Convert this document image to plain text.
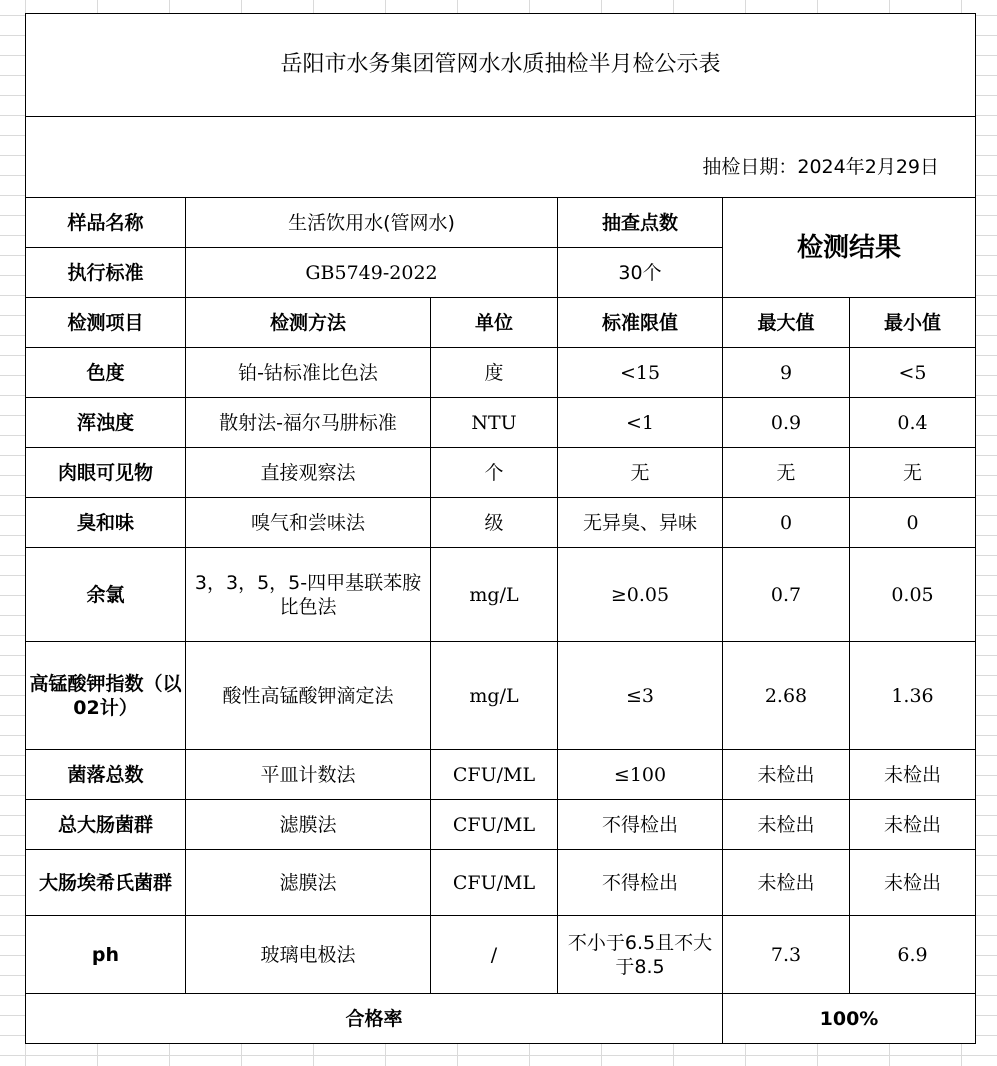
岳阳市水务集团管网水水质抽检半月检公示表					
抽检日期：2024年2月29日					
样品名称	生活饮用水(管网水)		抽查点数	检测结果	
执行标准	GB5749-2022		30个		
检测项目	检测方法	单位	标准限值	最大值	最小值
色度	铂-钴标准比色法	度	<15	9	<5
浑浊度	散射法-福尔马肼标准	NTU	<1	0.9	0.4
肉眼可见物	直接观察法	个	无	无	无
臭和味	嗅气和尝味法	级	无异臭、异味	0	0
余氯	3，3，5，5-四甲基联苯胺比色法	mg/L	≥0.05	0.7	0.05
高锰酸钾指数（以02计）	酸性高锰酸钾滴定法	mg/L	≤3	2.68	1.36
菌落总数	平皿计数法	CFU/ML	≤100	未检出	未检出
总大肠菌群	滤膜法	CFU/ML	不得检出	未检出	未检出
大肠埃希氏菌群	滤膜法	CFU/ML	不得检出	未检出	未检出
ph	玻璃电极法	/	不小于6.5且不大于8.5	7.3	6.9
合格率				100%	
